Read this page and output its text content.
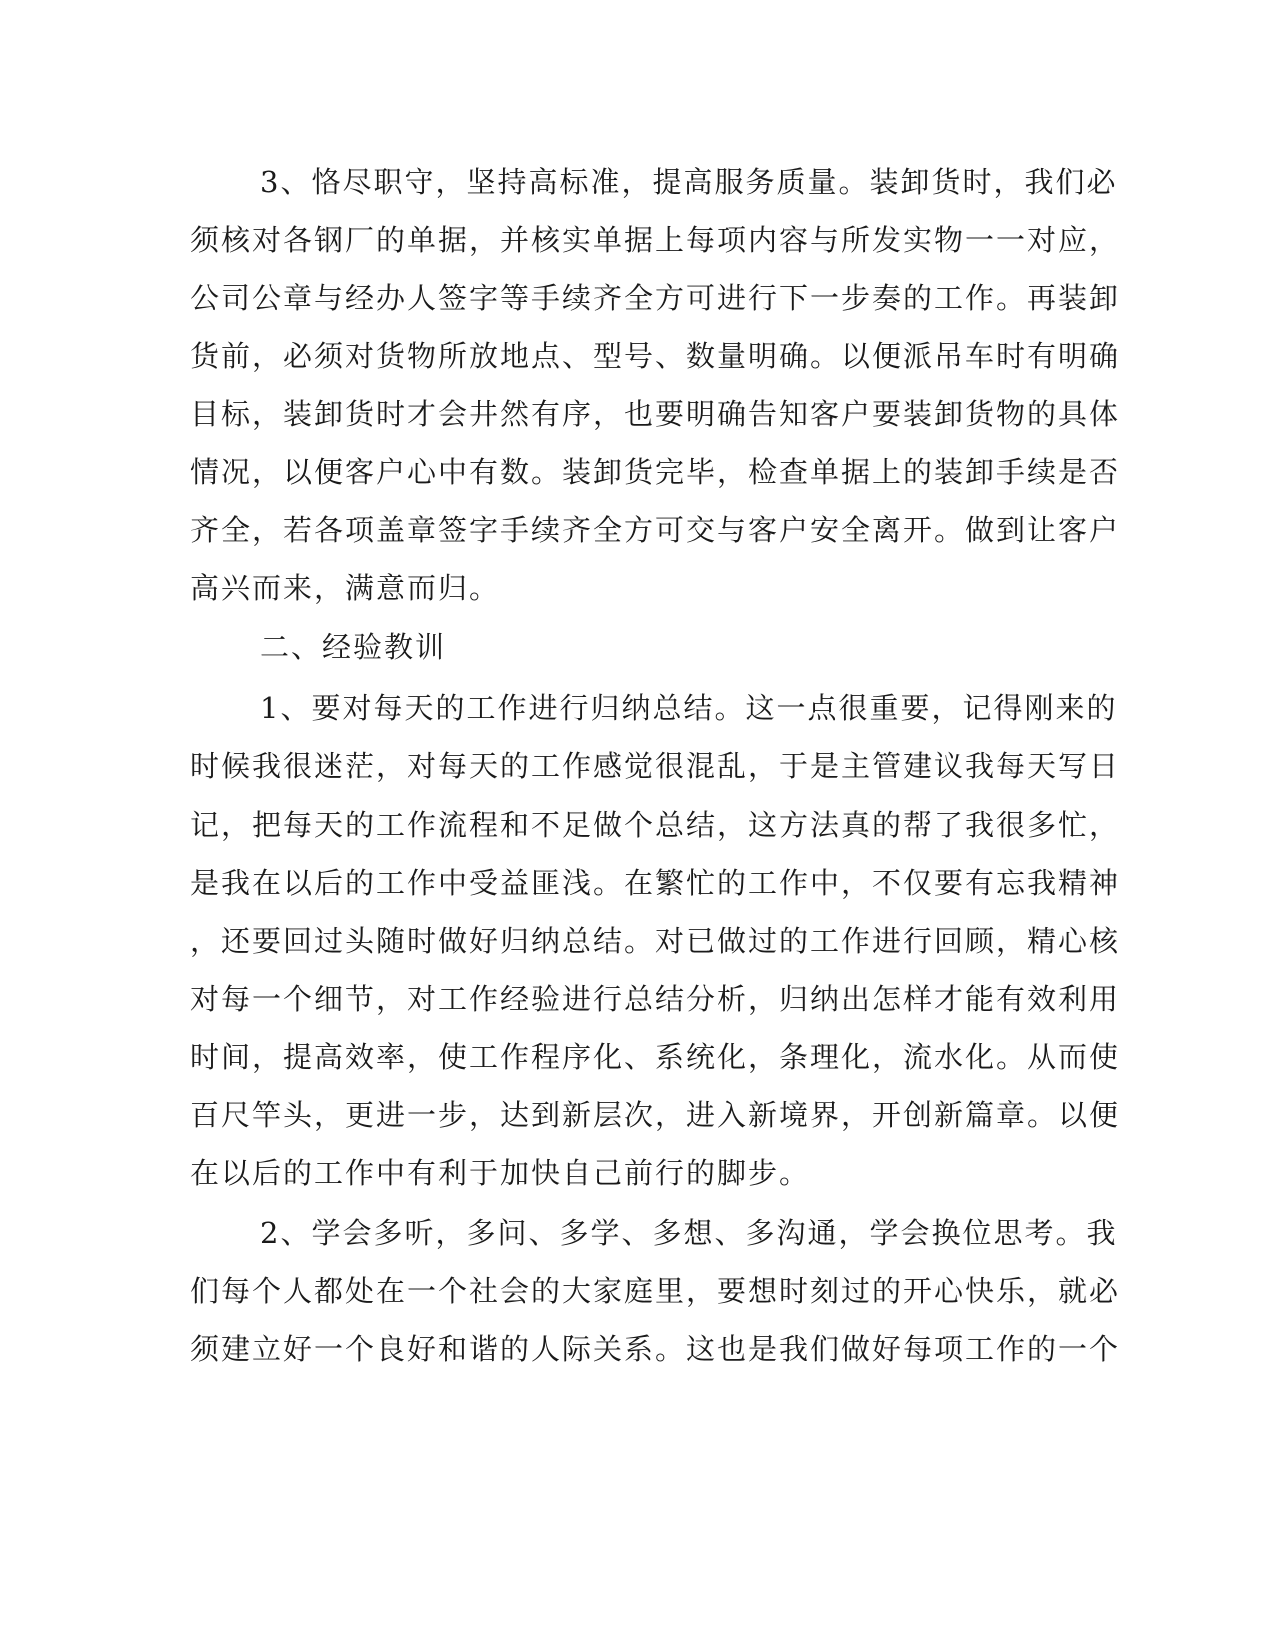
3、恪尽职守，坚持高标准，提高服务质量。装卸货时，我们必
须核对各钢厂的单据，并核实单据上每项内容与所发实物一一对应，
公司公章与经办人签字等手续齐全方可进行下一步奏的工作。再装卸
货前，必须对货物所放地点、型号、数量明确。以便派吊车时有明确
目标，装卸货时才会井然有序，也要明确告知客户要装卸货物的具体
情况，以便客户心中有数。装卸货完毕，检查单据上的装卸手续是否
齐全，若各项盖章签字手续齐全方可交与客户安全离开。做到让客户
高兴而来，满意而归。
二、经验教训
1、要对每天的工作进行归纳总结。这一点很重要，记得刚来的
时候我很迷茫，对每天的工作感觉很混乱，于是主管建议我每天写日
记，把每天的工作流程和不足做个总结，这方法真的帮了我很多忙，
是我在以后的工作中受益匪浅。在繁忙的工作中，不仅要有忘我精神
，还要回过头随时做好归纳总结。对已做过的工作进行回顾，精心核
对每一个细节，对工作经验进行总结分析，归纳出怎样才能有效利用
时间，提高效率，使工作程序化、系统化，条理化，流水化。从而使
百尺竿头，更进一步，达到新层次，进入新境界，开创新篇章。以便
在以后的工作中有利于加快自己前行的脚步。
2、学会多听，多问、多学、多想、多沟通，学会换位思考。我
们每个人都处在一个社会的大家庭里，要想时刻过的开心快乐，就必
须建立好一个良好和谐的人际关系。这也是我们做好每项工作的一个
